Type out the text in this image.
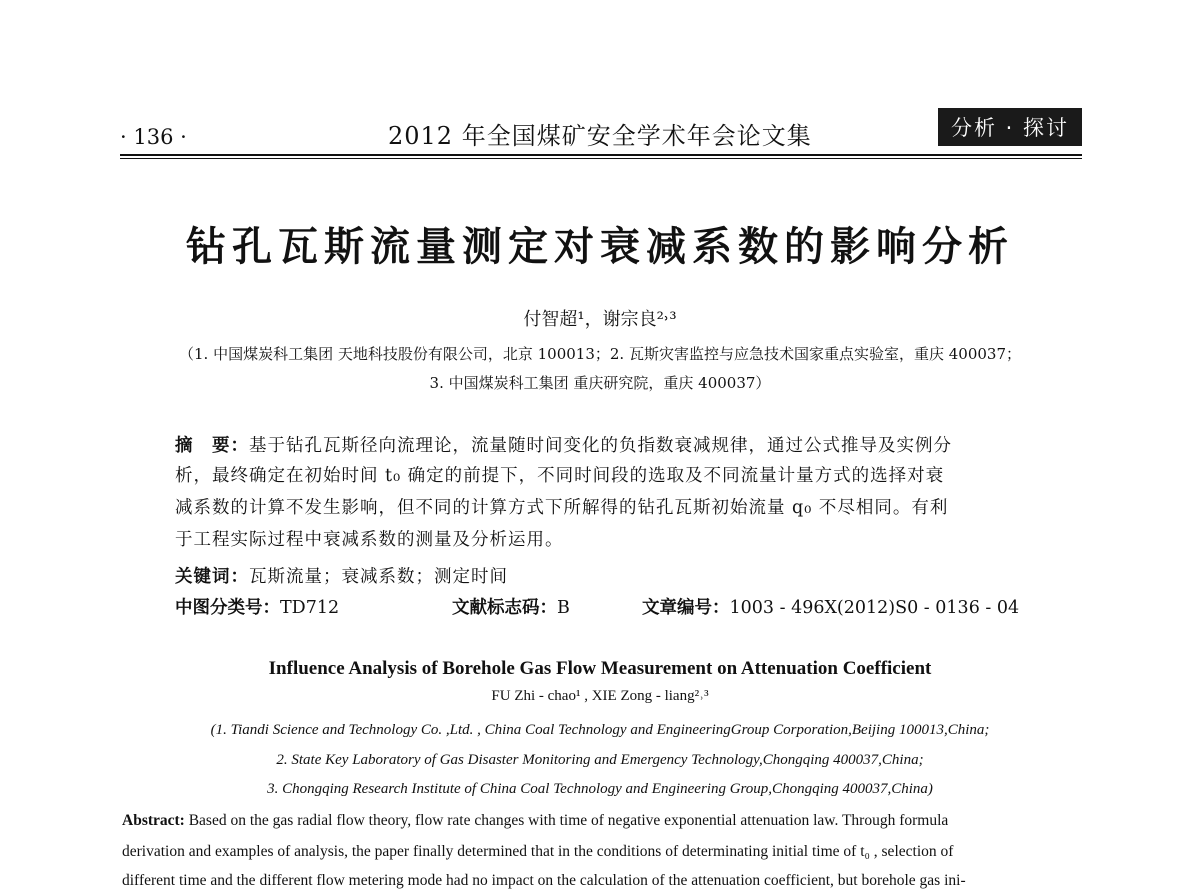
· 136 ·	2012 年全国煤矿安全学术年会论文集	分析 · 探讨
钻孔瓦斯流量测定对衰减系数的影响分析
付智超¹，谢宗良²˒³
（1. 中国煤炭科工集团 天地科技股份有限公司，北京 100013；2. 瓦斯灾害监控与应急技术国家重点实验室，重庆 400037；
3. 中国煤炭科工集团 重庆研究院，重庆 400037）
摘　要：基于钻孔瓦斯径向流理论，流量随时间变化的负指数衰减规律，通过公式推导及实例分
析，最终确定在初始时间 t₀ 确定的前提下，不同时间段的选取及不同流量计量方式的选择对衰
减系数的计算不发生影响，但不同的计算方式下所解得的钻孔瓦斯初始流量 q₀ 不尽相同。有利
于工程实际过程中衰减系数的测量及分析运用。
关键词：瓦斯流量；衰减系数；测定时间
中图分类号：TD712	文献标志码：B	文章编号：1003 - 496X(2012)S0 - 0136 - 04
Influence Analysis of Borehole Gas Flow Measurement on Attenuation Coefficient
FU Zhi - chao¹ , XIE Zong - liang²˒³
(1. Tiandi Science and Technology Co. ,Ltd. , China Coal Technology and EngineeringGroup Corporation,Beijing 100013,China;
2. State Key Laboratory of Gas Disaster Monitoring and Emergency Technology,Chongqing 400037,China;
3. Chongqing Research Institute of China Coal Technology and Engineering Group,Chongqing 400037,China)
Abstract: Based on the gas radial flow theory, flow rate changes with time of negative exponential attenuation law. Through formula
derivation and examples of analysis, the paper finally determined that in the conditions of determinating initial time of t₀ , selection of
different time and the different flow metering mode had no impact on the calculation of the attenuation coefficient, but borehole gas ini-
